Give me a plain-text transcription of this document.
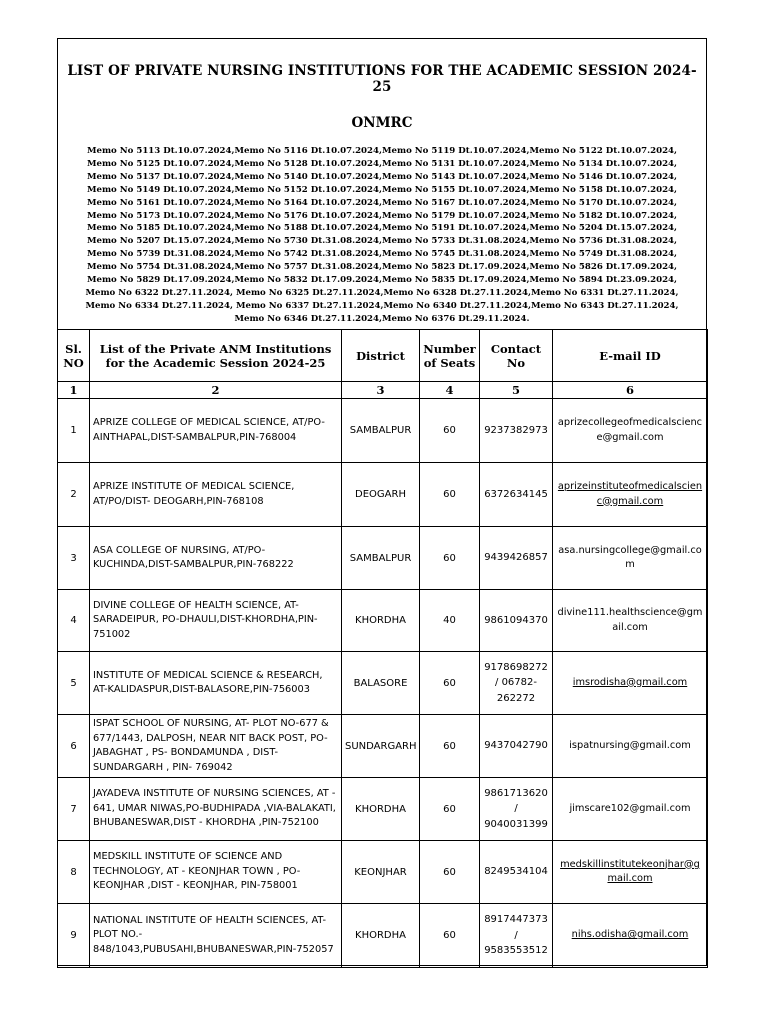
LIST OF PRIVATE NURSING INSTITUTIONS FOR THE ACADEMIC SESSION 2024-25
ONMRC
Memo No 5113 Dt.10.07.2024,Memo No 5116 Dt.10.07.2024,Memo No 5119 Dt.10.07.2024,Memo No 5122 Dt.10.07.2024,
Memo No 5125 Dt.10.07.2024,Memo No 5128 Dt.10.07.2024,Memo No 5131 Dt.10.07.2024,Memo No 5134 Dt.10.07.2024,
Memo No 5137 Dt.10.07.2024,Memo No 5140 Dt.10.07.2024,Memo No 5143 Dt.10.07.2024,Memo No 5146 Dt.10.07.2024,
Memo No 5149 Dt.10.07.2024,Memo No 5152 Dt.10.07.2024,Memo No 5155 Dt.10.07.2024,Memo No 5158 Dt.10.07.2024,
Memo No 5161 Dt.10.07.2024,Memo No 5164 Dt.10.07.2024,Memo No 5167 Dt.10.07.2024,Memo No 5170 Dt.10.07.2024,
Memo No 5173 Dt.10.07.2024,Memo No 5176 Dt.10.07.2024,Memo No 5179 Dt.10.07.2024,Memo No 5182 Dt.10.07.2024,
Memo No 5185 Dt.10.07.2024,Memo No 5188 Dt.10.07.2024,Memo No 5191 Dt.10.07.2024,Memo No 5204 Dt.15.07.2024,
Memo No 5207 Dt.15.07.2024,Memo No 5730 Dt.31.08.2024,Memo No 5733 Dt.31.08.2024,Memo No 5736 Dt.31.08.2024,
Memo No 5739 Dt.31.08.2024,Memo No 5742 Dt.31.08.2024,Memo No 5745 Dt.31.08.2024,Memo No 5749 Dt.31.08.2024,
Memo No 5754 Dt.31.08.2024,Memo No 5757 Dt.31.08.2024,Memo No 5823 Dt.17.09.2024,Memo No 5826 Dt.17.09.2024,
Memo No 5829 Dt.17.09.2024,Memo No 5832 Dt.17.09.2024,Memo No 5835 Dt.17.09.2024,Memo No 5894 Dt.23.09.2024,
Memo No 6322 Dt.27.11.2024, Memo No 6325 Dt.27.11.2024,Memo No 6328 Dt.27.11.2024,Memo No 6331 Dt.27.11.2024,
Memo No 6334 Dt.27.11.2024, Memo No 6337 Dt.27.11.2024,Memo No 6340 Dt.27.11.2024,Memo No 6343 Dt.27.11.2024,
Memo No 6346 Dt.27.11.2024,Memo No 6376 Dt.29.11.2024.
Sl. NO	List of the Private ANM Institutions for the Academic Session 2024-25	District	Number of Seats	Contact No	E-mail ID
1	2	3	4	5	6
1	APRIZE COLLEGE OF MEDICAL SCIENCE, AT/PO-AINTHAPAL,DIST-SAMBALPUR,PIN-768004	SAMBALPUR	60	9237382973	aprizecollegeofmedicalscience@gmail.com
2	APRIZE INSTITUTE OF MEDICAL SCIENCE, AT/PO/DIST- DEOGARH,PIN-768108	DEOGARH	60	6372634145	aprizeinstituteofmedicalscienc@gmail.com
3	ASA COLLEGE OF NURSING, AT/PO-KUCHINDA,DIST-SAMBALPUR,PIN-768222	SAMBALPUR	60	9439426857	asa.nursingcollege@gmail.com
4	DIVINE COLLEGE OF HEALTH SCIENCE, AT-SARADEIPUR, PO-DHAULI,DIST-KHORDHA,PIN-751002	KHORDHA	40	9861094370	divine111.healthscience@gmail.com
5	INSTITUTE OF MEDICAL SCIENCE & RESEARCH, AT-KALIDASPUR,DIST-BALASORE,PIN-756003	BALASORE	60	9178698272 / 06782-262272	imsrodisha@gmail.com
6	ISPAT SCHOOL OF NURSING, AT- PLOT NO-677 & 677/1443, DALPOSH, NEAR NIT BACK POST, PO-JABAGHAT , PS- BONDAMUNDA , DIST-SUNDARGARH , PIN- 769042	SUNDARGARH	60	9437042790	ispatnursing@gmail.com
7	JAYADEVA INSTITUTE OF NURSING SCIENCES, AT - 641, UMAR NIWAS,PO-BUDHIPADA ,VIA-BALAKATI, BHUBANESWAR,DIST - KHORDHA ,PIN-752100	KHORDHA	60	9861713620 / 9040031399	jimscare102@gmail.com
8	MEDSKILL INSTITUTE OF SCIENCE AND TECHNOLOGY, AT - KEONJHAR TOWN , PO-KEONJHAR ,DIST - KEONJHAR, PIN-758001	KEONJHAR	60	8249534104	medskillinstitutekeonjhar@gmail.com
9	NATIONAL INSTITUTE OF HEALTH SCIENCES, AT- PLOT NO.- 848/1043,PUBUSAHI,BHUBANESWAR,PIN-752057	KHORDHA	60	8917447373 / 9583553512	nihs.odisha@gmail.com
